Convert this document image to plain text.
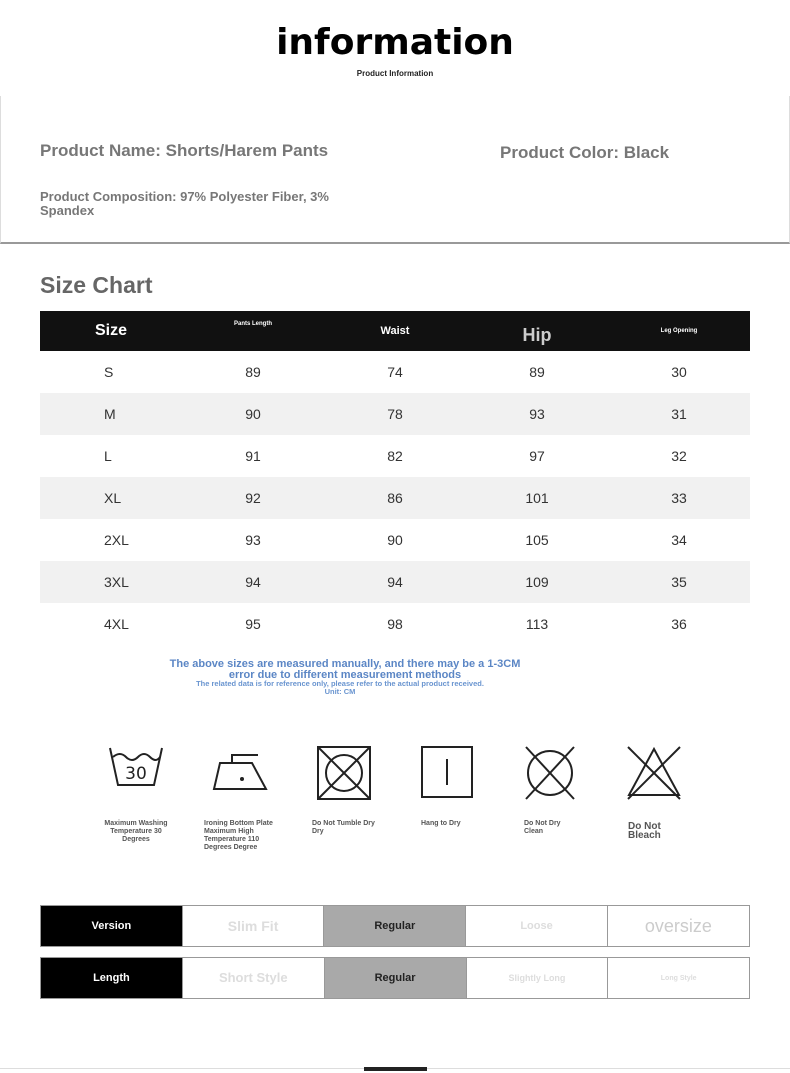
information
Product Information
Product Name: Shorts/Harem Pants
Product Composition: 97% Polyester Fiber, 3% Spandex
Product Color: Black
Size Chart
Size	Pants Length	Waist	Hip	Leg Opening
S	89	74	89	30
M	90	78	93	31
L	91	82	97	32
XL	92	86	101	33
2XL	93	90	105	34
3XL	94	94	109	35
4XL	95	98	113	36
The above sizes are measured manually, and there may be a 1-3CM error due to different measurement methods
The related data is for reference only, please refer to the actual product received. Unit: CM
30
Maximum Washing Temperature 30 Degrees
Ironing Bottom Plate Maximum High Temperature 110 Degrees Degree
Do Not Tumble Dry Dry
Hang to Dry	Do Not Dry Clean	Do Not Bleach
Version	Slim Fit	Regular	Loose	oversize
Length	Short Style	Regular	Slightly Long	Long Style
